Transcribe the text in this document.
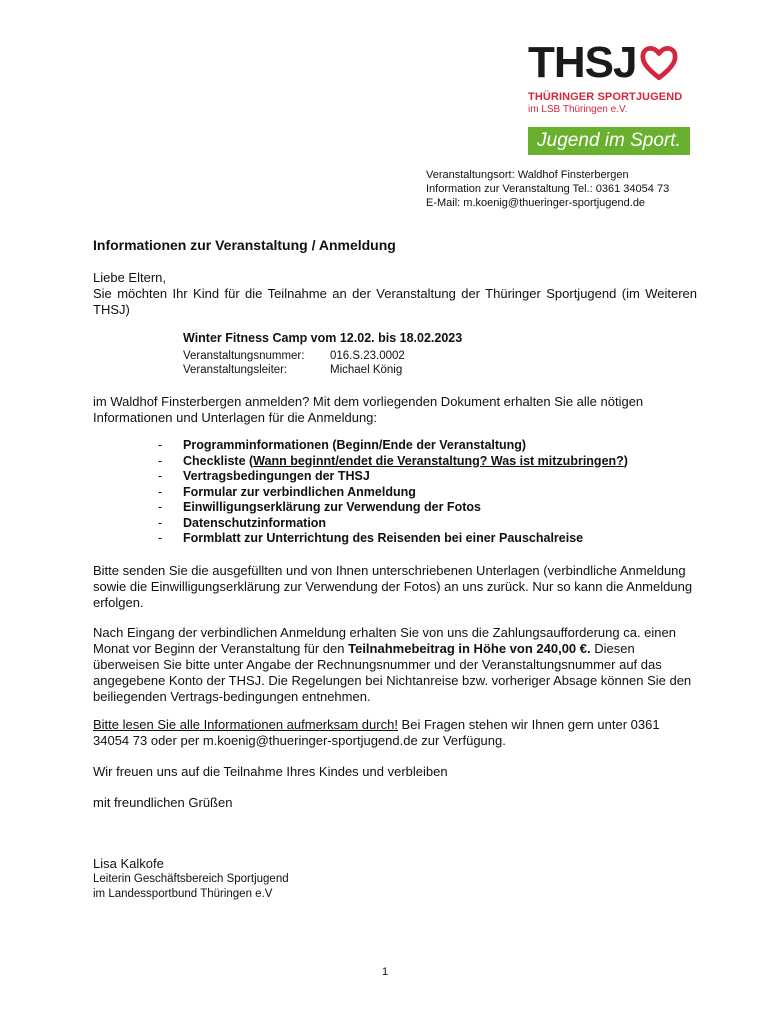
THSJ
THÜRINGER SPORTJUGEND
im LSB Thüringen e.V.
Jugend im Sport.
Veranstaltungsort: Waldhof Finsterbergen
Information zur Veranstaltung Tel.: 0361 34054 73
E-Mail: m.koenig@thueringer-sportjugend.de
Informationen zur Veranstaltung / Anmeldung
Liebe Eltern,
Sie möchten Ihr Kind für die Teilnahme an der Veranstaltung der Thüringer Sportjugend (im Weiteren THSJ)
Winter Fitness Camp vom 12.02. bis 18.02.2023
Veranstaltungsnummer:	016.S.23.0002
Veranstaltungsleiter:	Michael König
im Waldhof Finsterbergen anmelden? Mit dem vorliegenden Dokument erhalten Sie alle nötigen Informationen und Unterlagen für die Anmeldung:
-	Programminformationen (Beginn/Ende der Veranstaltung)
-	Checkliste (Wann beginnt/endet die Veranstaltung? Was ist mitzubringen?)
-	Vertragsbedingungen der THSJ
-	Formular zur verbindlichen Anmeldung
-	Einwilligungserklärung zur Verwendung der Fotos
-	Datenschutzinformation
-	Formblatt zur Unterrichtung des Reisenden bei einer Pauschalreise
Bitte senden Sie die ausgefüllten und von Ihnen unterschriebenen Unterlagen (verbindliche Anmeldung sowie die Einwilligungserklärung zur Verwendung der Fotos) an uns zurück. Nur so kann die Anmeldung erfolgen.
Nach Eingang der verbindlichen Anmeldung erhalten Sie von uns die Zahlungsaufforderung ca. einen Monat vor Beginn der Veranstaltung für den Teilnahmebeitrag in Höhe von 240,00 €. Diesen überweisen Sie bitte unter Angabe der Rechnungsnummer und der Veranstaltungsnummer auf das angegebene Konto der THSJ. Die Regelungen bei Nichtanreise bzw. vorheriger Absage können Sie den beiliegenden Vertrags-bedingungen entnehmen.
Bitte lesen Sie alle Informationen aufmerksam durch! Bei Fragen stehen wir Ihnen gern unter 0361 34054 73 oder per m.koenig@thueringer-sportjugend.de zur Verfügung.
Wir freuen uns auf die Teilnahme Ihres Kindes und verbleiben
mit freundlichen Grüßen
Lisa Kalkofe
Leiterin Geschäftsbereich Sportjugend
im Landessportbund Thüringen e.V
1
